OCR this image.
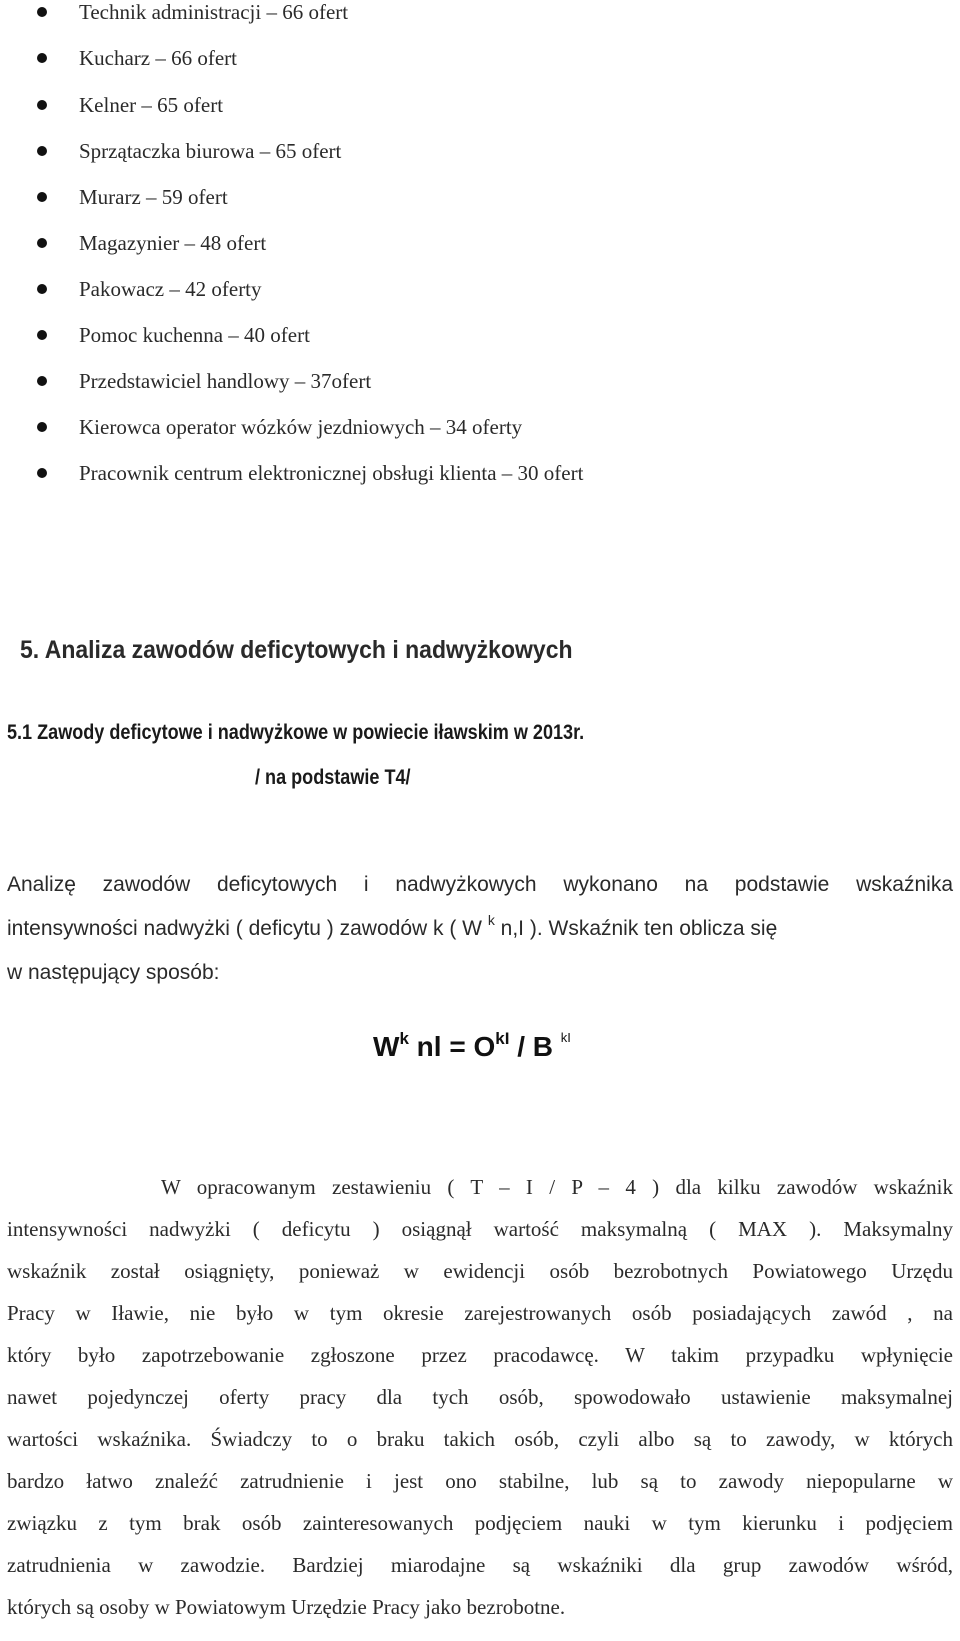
Technik administracji – 66 ofert
Kucharz – 66 ofert
Kelner – 65 ofert
Sprzątaczka biurowa – 65 ofert
Murarz – 59 ofert
Magazynier – 48 ofert
Pakowacz – 42 oferty
Pomoc kuchenna – 40 ofert
Przedstawiciel handlowy – 37ofert
Kierowca operator wózków jezdniowych – 34 oferty
Pracownik centrum elektronicznej obsługi klienta – 30 ofert
5. Analiza zawodów deficytowych i nadwyżkowych
5.1 Zawody deficytowe i nadwyżkowe w powiecie iławskim w 2013r.

/ na podstawie T4/

Analizę zawodów deficytowych i nadwyżkowych wykonano na podstawie wskaźnika
intensywności nadwyżki ( deficytu ) zawodów k ( W $^k$ n,I ). Wskaźnik ten oblicza się
w następujący sposób:
$W^k$ nl = $O^{kI}$ / B $^{kI}$
W opracowanym zestawieniu ( T – I / P – 4 ) dla kilku zawodów wskaźnik
intensywności nadwyżki ( deficytu ) osiągnął wartość maksymalną ( MAX ). Maksymalny
wskaźnik został osiągnięty, ponieważ w ewidencji osób bezrobotnych Powiatowego Urzędu
Pracy w Iławie, nie było w tym okresie zarejestrowanych osób posiadających zawód , na
który było zapotrzebowanie zgłoszone przez pracodawcę. W takim przypadku wpłynięcie
nawet pojedynczej oferty pracy dla tych osób, spowodowało ustawienie maksymalnej
wartości wskaźnika. Świadczy to o braku takich osób, czyli albo są to zawody, w których
bardzo łatwo znaleźć zatrudnienie i jest ono stabilne, lub są to zawody niepopularne w
związku z tym brak osób zainteresowanych podjęciem nauki w tym kierunku i podjęciem
zatrudnienia w zawodzie. Bardziej miarodajne są wskaźniki dla grup zawodów wśród,
których są osoby w Powiatowym Urzędzie Pracy jako bezrobotne.
